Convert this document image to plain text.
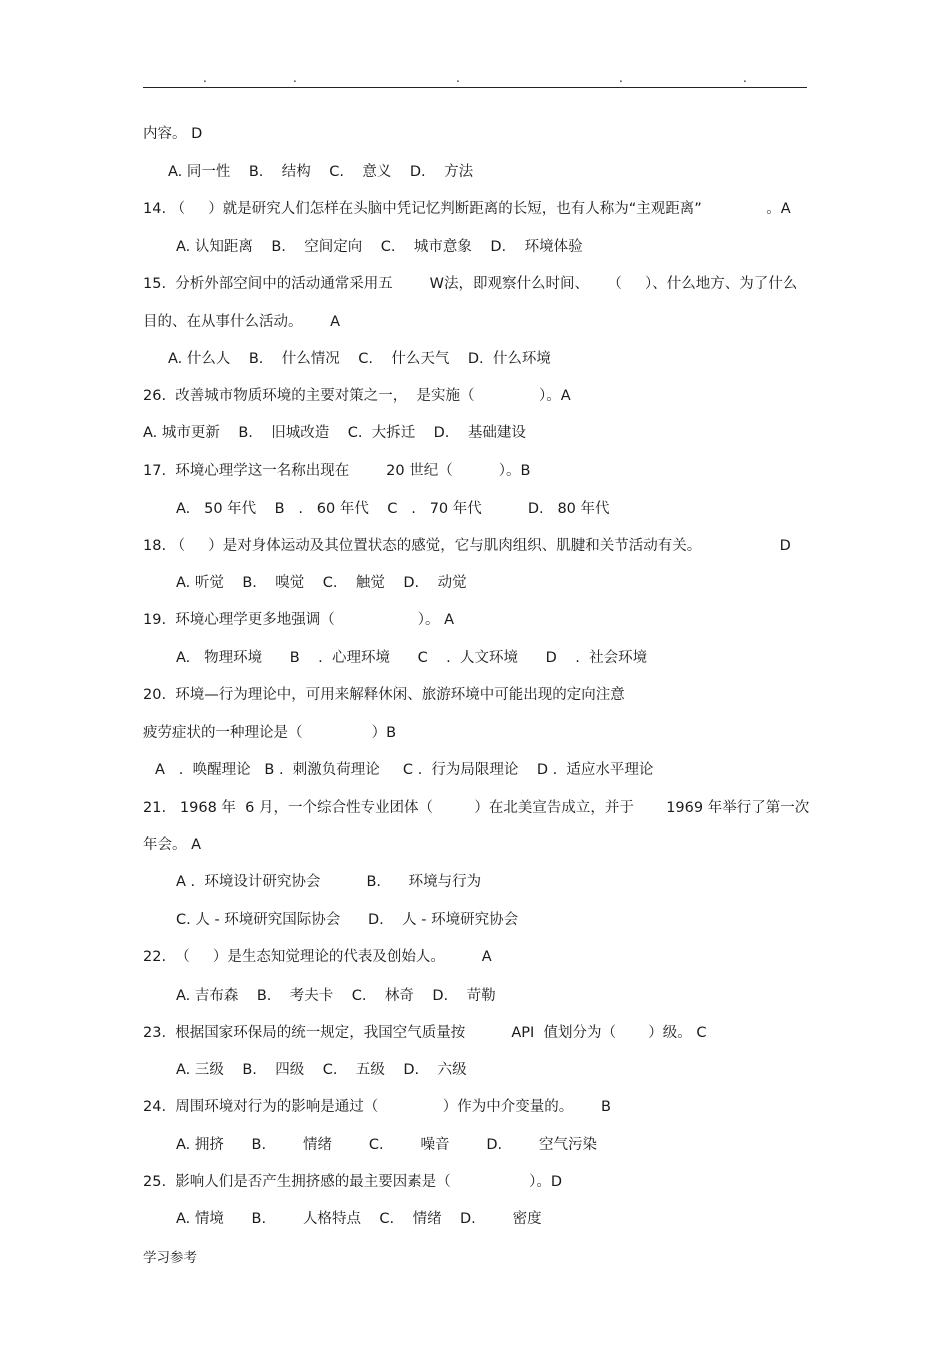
.	.	.	.	.
内容。 D
A. 同一性    B.    结构    C.    意义    D.    方法
14. （     ）就是研究人们怎样在头脑中凭记忆判断距离的长短，也有人称为“主观距离”              。A
A. 认知距离    B.    空间定向    C.    城市意象    D.    环境体验
15.  分析外部空间中的活动通常采用五        W法，即观察什么时间、    （     ）、什么地方、为了什么
目的、在从事什么活动。      A
A. 什么人    B.    什么情况    C.    什么天气    D.  什么环境
26.  改善城市物质环境的主要对策之一，  是实施（              ）。A
A. 城市更新    B.    旧城改造    C.  大拆迁    D.    基础建设
17.  环境心理学这一名称出现在        20 世纪（          ）。B
A.   50 年代    B   .   60 年代    C   .   70 年代          D.   80 年代
18. （     ）是对身体运动及其位置状态的感觉，它与肌肉组织、肌腱和关节活动有关。                 D
A. 听觉    B.    嗅觉    C.    触觉    D.    动觉
19.  环境心理学更多地强调（                  ）。 A
A.   物理环境      B    .  心理环境      C    .  人文环境      D    .  社会环境
20.  环境—行为理论中，可用来解释休闲、旅游环境中可能出现的定向注意
疲劳症状的一种理论是（               ）B
A   .  唤醒理论   B .  刺激负荷理论     C .  行为局限理论    D .  适应水平理论
21.   1968 年  6 月，一个综合性专业团体（         ）在北美宣告成立，并于       1969 年举行了第一次
年会。 A
A .  环境设计研究协会          B.      环境与行为
C. 人 - 环境研究国际协会      D.    人 - 环境研究协会
22.  （     ）是生态知觉理论的代表及创始人。        A
A. 吉布森    B.    考夫卡    C.    林奇    D.    苛勒
23.  根据国家环保局的统一规定，我国空气质量按          API  值划分为（       ）级。 C
A. 三级    B.    四级    C.    五级    D.    六级
24.  周围环境对行为的影响是通过（              ）作为中介变量的。      B
A. 拥挤      B.        情绪        C.        噪音        D.        空气污染
25.  影响人们是否产生拥挤感的最主要因素是（                 ）。D
A. 情境      B.        人格特点    C.    情绪    D.        密度
学习参考
